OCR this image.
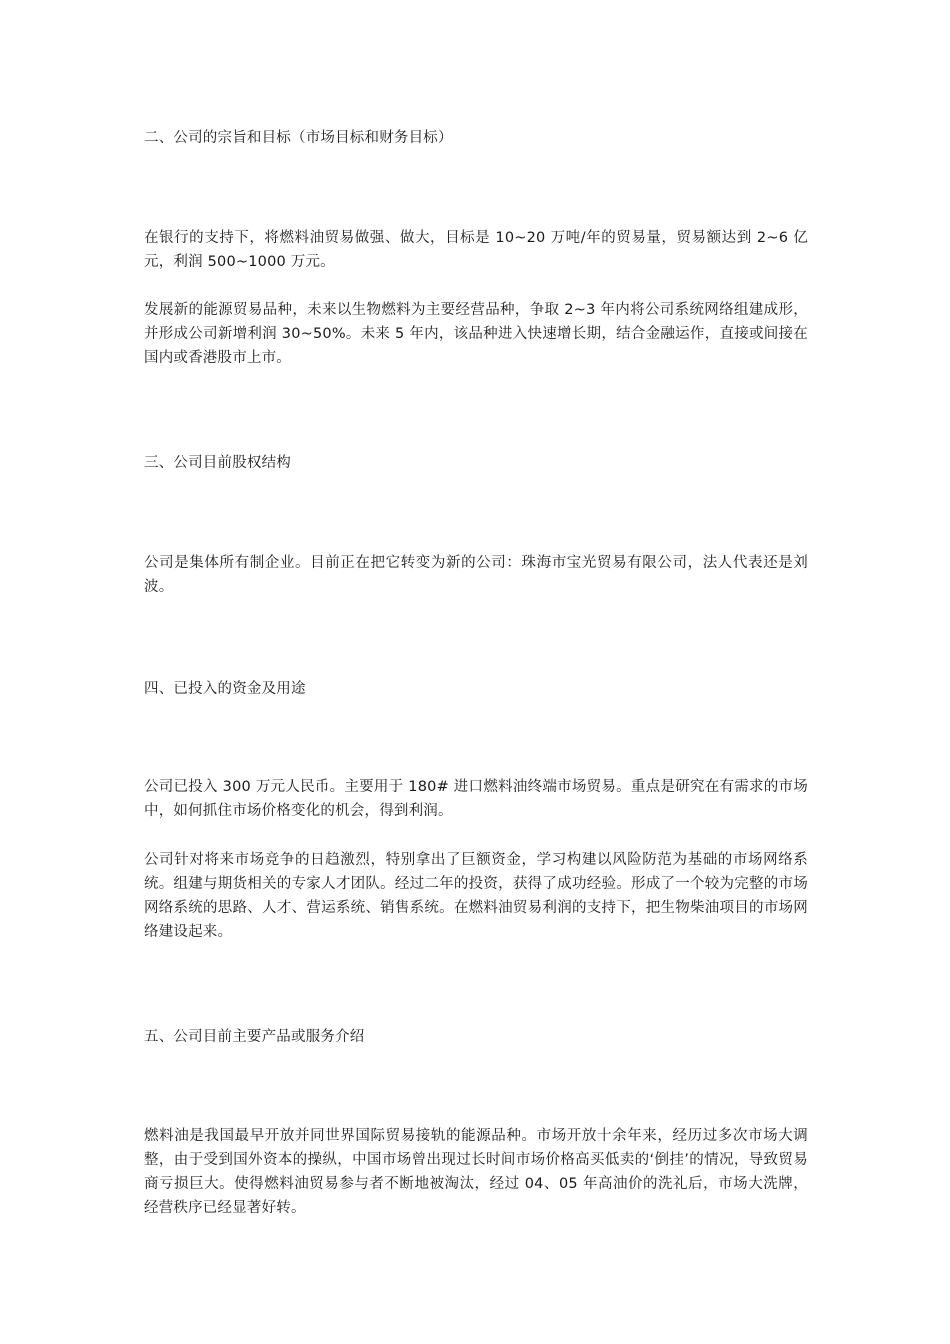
二、公司的宗旨和目标（市场目标和财务目标）
在银行的支持下，将燃料油贸易做强、做大，目标是 10~20 万吨/年的贸易量，贸易额达到 2~6 亿元，利润 500~1000 万元。
发展新的能源贸易品种，未来以生物燃料为主要经营品种，争取 2~3 年内将公司系统网络组建成形，并形成公司新增利润 30~50%。未来 5 年内，该品种进入快速增长期，结合金融运作，直接或间接在国内或香港股市上市。
三、公司目前股权结构
公司是集体所有制企业。目前正在把它转变为新的公司：珠海市宝光贸易有限公司，法人代表还是刘波。
四、已投入的资金及用途
公司已投入 300 万元人民币。主要用于 180# 进口燃料油终端市场贸易。重点是研究在有需求的市场中，如何抓住市场价格变化的机会，得到利润。
公司针对将来市场竞争的日趋激烈，特别拿出了巨额资金，学习构建以风险防范为基础的市场网络系统。组建与期货相关的专家人才团队。经过二年的投资，获得了成功经验。形成了一个较为完整的市场网络系统的思路、人才、营运系统、销售系统。在燃料油贸易利润的支持下，把生物柴油项目的市场网络建设起来。
五、公司目前主要产品或服务介绍
燃料油是我国最早开放并同世界国际贸易接轨的能源品种。市场开放十余年来，经历过多次市场大调整，由于受到国外资本的操纵，中国市场曾出现过长时间市场价格高买低卖的‘倒挂’的情况，导致贸易商亏损巨大。使得燃料油贸易参与者不断地被淘汰，经过 04、05 年高油价的洗礼后，市场大洗牌，经营秩序已经显著好转。
